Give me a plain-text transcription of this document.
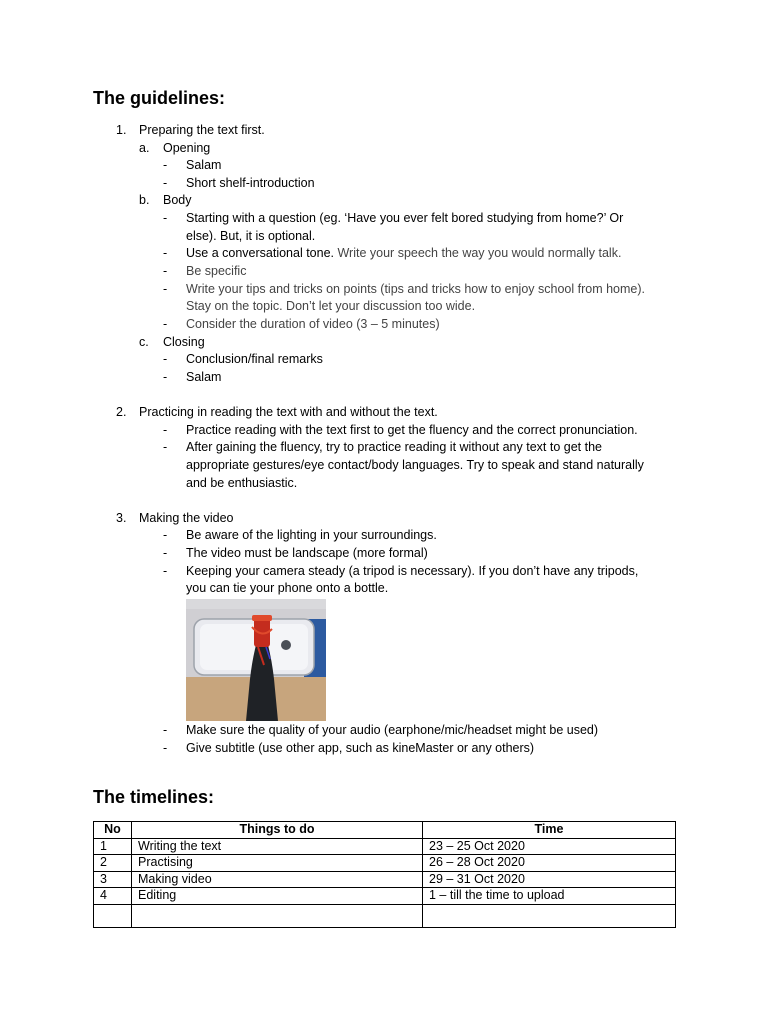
The guidelines:
1. Preparing the text first.
a. Opening
- Salam
- Short shelf-introduction
b. Body
- Starting with a question (eg. ‘Have you ever felt bored studying from home?’ Or
else). But, it is optional.
- Use a conversational tone. Write your speech the way you would normally talk.
- Be specific
- Write your tips and tricks on points (tips and tricks how to enjoy school from home).
Stay on the topic. Don’t let your discussion too wide.
- Consider the duration of video (3 – 5 minutes)
c. Closing
- Conclusion/final remarks
- Salam
2. Practicing in reading the text with and without the text.
- Practice reading with the text first to get the fluency and the correct pronunciation.
- After gaining the fluency, try to practice reading it without any text to get the
appropriate gestures/eye contact/body languages. Try to speak and stand naturally
and be enthusiastic.
3. Making the video
- Be aware of the lighting in your surroundings.
- The video must be landscape (more formal)
- Keeping your camera steady (a tripod is necessary). If you don’t have any tripods,
you can tie your phone onto a bottle.
- Make sure the quality of your audio (earphone/mic/headset might be used)
- Give subtitle (use other app, such as kineMaster or any others)
The timelines:
No	Things to do	Time
1	Writing the text	23 – 25 Oct 2020
2	Practising	26 – 28 Oct 2020
3	Making video	29 – 31 Oct 2020
4	Editing	1 – till the time to upload
